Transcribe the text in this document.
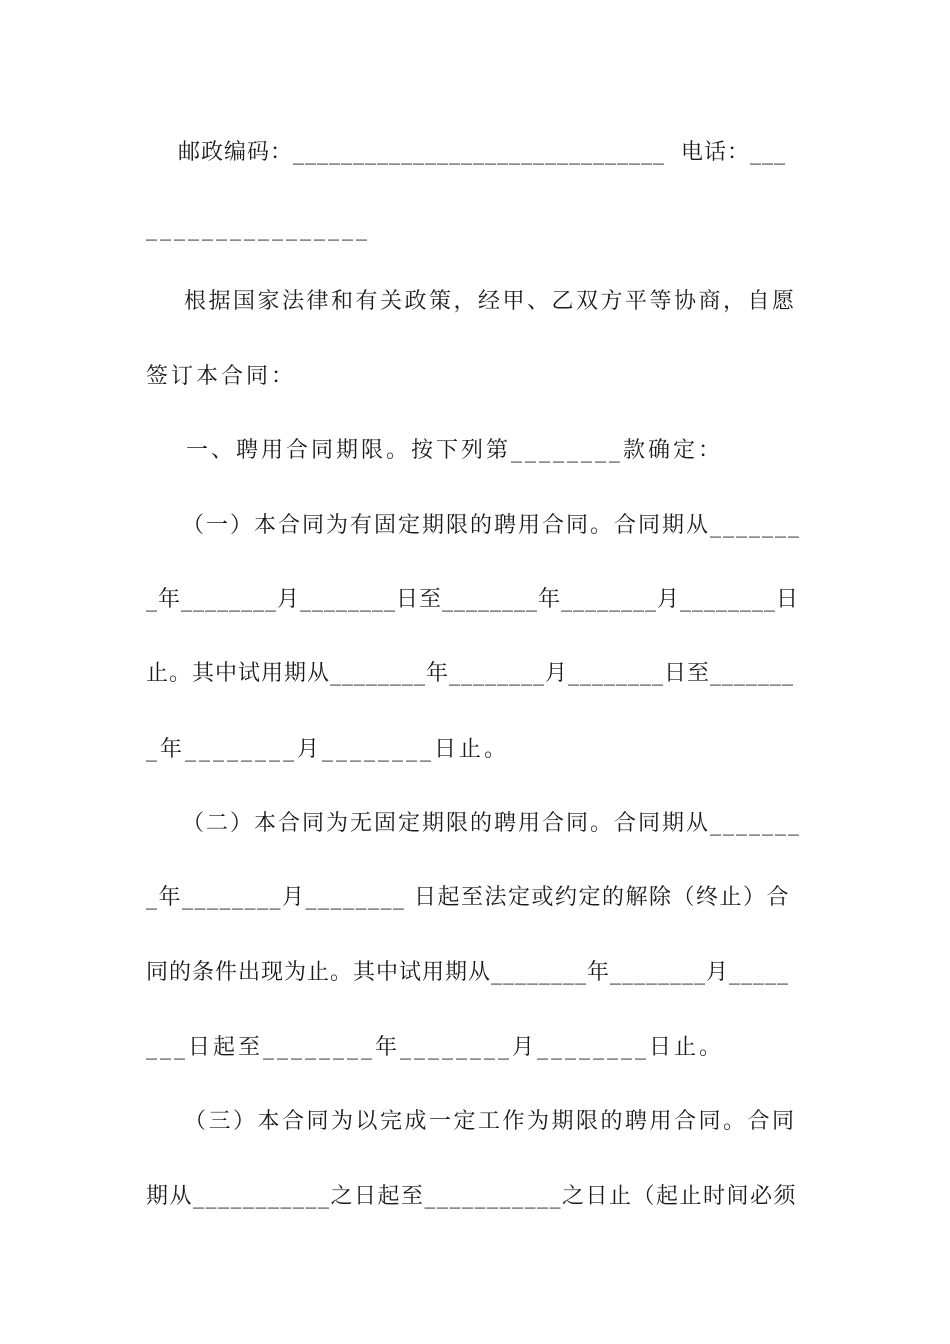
邮政编码：_______________________________  电话：___
________________
根据国家法律和有关政策，经甲、乙双方平等协商，自愿
签订本合同：
一、聘用合同期限。按下列第________款确定：
（一）本合同为有固定期限的聘用合同。合同期从_______
_年________月________日至________年________月________日
止。其中试用期从________年________月________日至_______
_年________月________日止。
（二）本合同为无固定期限的聘用合同。合同期从_______
_年________月________ 日起至法定或约定的解除（终止）合
同的条件出现为止。其中试用期从________年________月_____
___日起至________年________月________日止。
（三）本合同为以完成一定工作为期限的聘用合同。合同
期从___________之日起至___________之日止（起止时间必须
